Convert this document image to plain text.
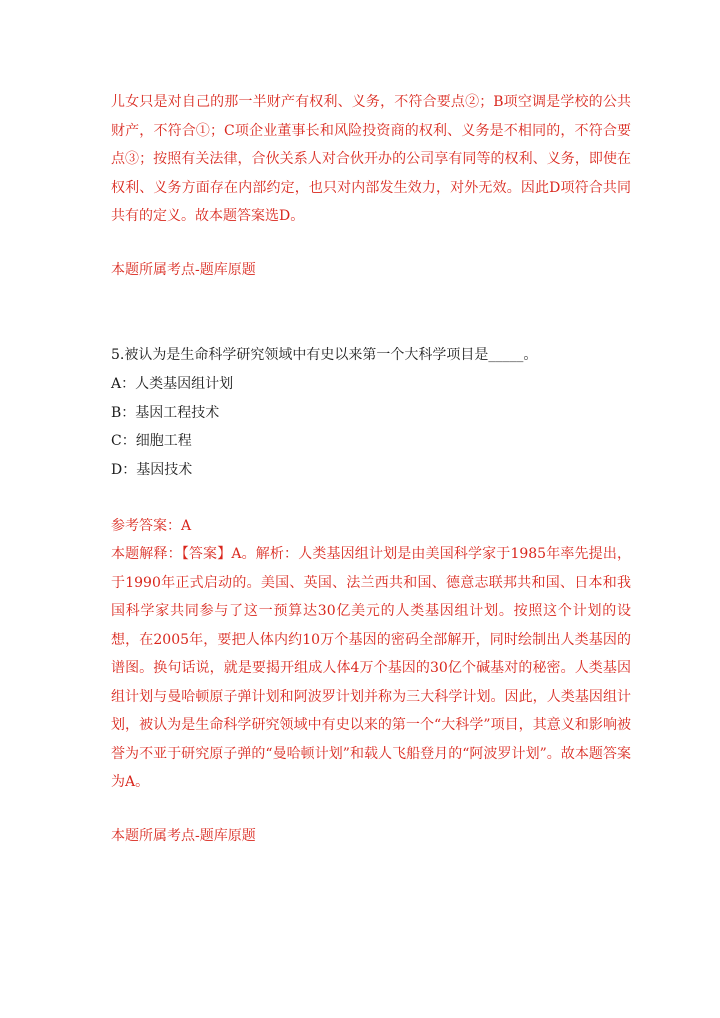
儿女只是对自己的那一半财产有权利、义务，不符合要点②；B项空调是学校的公共财产，不符合①；C项企业董事长和风险投资商的权利、义务是不相同的，不符合要点③；按照有关法律，合伙关系人对合伙开办的公司享有同等的权利、义务，即使在权利、义务方面存在内部约定，也只对内部发生效力，对外无效。因此D项符合共同共有的定义。故本题答案选D。

本题所属考点-题库原题

5.被认为是生命科学研究领域中有史以来第一个大科学项目是_____。

A：人类基因组计划

B：基因工程技术

C：细胞工程

D：基因技术

参考答案：A

本题解释：【答案】A。解析：人类基因组计划是由美国科学家于1985年率先提出，于1990年正式启动的。美国、英国、法兰西共和国、德意志联邦共和国、日本和我国科学家共同参与了这一预算达30亿美元的人类基因组计划。按照这个计划的设想，在2005年，要把人体内约10万个基因的密码全部解开，同时绘制出人类基因的谱图。换句话说，就是要揭开组成人体4万个基因的30亿个碱基对的秘密。人类基因组计划与曼哈顿原子弹计划和阿波罗计划并称为三大科学计划。因此，人类基因组计划，被认为是生命科学研究领域中有史以来的第一个“大科学”项目，其意义和影响被誉为不亚于研究原子弹的“曼哈顿计划”和载人飞船登月的“阿波罗计划”。故本题答案为A。

本题所属考点-题库原题
